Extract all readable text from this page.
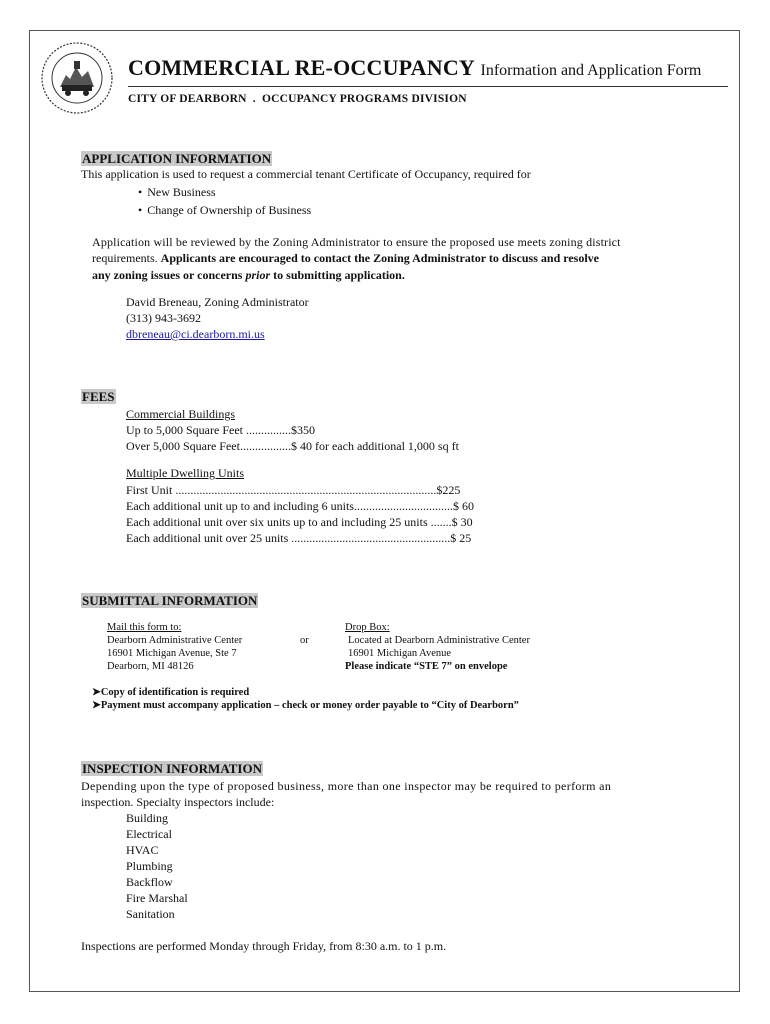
COMMERCIAL RE-OCCUPANCY Information and Application Form
CITY OF DEARBORN  .  OCCUPANCY PROGRAMS DIVISION
APPLICATION INFORMATION
This application is used to request a commercial tenant Certificate of Occupancy, required for
• New Business
• Change of Ownership of Business
Application will be reviewed by the Zoning Administrator to ensure the proposed use meets zoning district
requirements. Applicants are encouraged to contact the Zoning Administrator to discuss and resolve
any zoning issues or concerns prior to submitting application.
David Breneau, Zoning Administrator
(313) 943-3692
dbreneau@ci.dearborn.mi.us
FEES
Commercial Buildings
Up to 5,000 Square Feet ...............$350
Over 5,000 Square Feet.................$ 40 for each additional 1,000 sq ft
Multiple Dwelling Units
First Unit .......................................................................................$225
Each additional unit up to and including 6 units.................................$ 60
Each additional unit over six units up to and including 25 units .......$ 30
Each additional unit over 25 units .....................................................$ 25
SUBMITTAL INFORMATION
Mail this form to:
Dearborn Administrative Center
16901 Michigan Avenue, Ste 7
Dearborn, MI 48126
or
Drop Box:
Located at Dearborn Administrative Center
16901 Michigan Avenue
Please indicate “STE 7” on envelope
➤Copy of identification is required
➤Payment must accompany application – check or money order payable to “City of Dearborn”
INSPECTION INFORMATION
Depending upon the type of proposed business, more than one inspector may be required to perform an
inspection. Specialty inspectors include:
Building
Electrical
HVAC
Plumbing
Backflow
Fire Marshal
Sanitation
Inspections are performed Monday through Friday, from 8:30 a.m. to 1 p.m.
